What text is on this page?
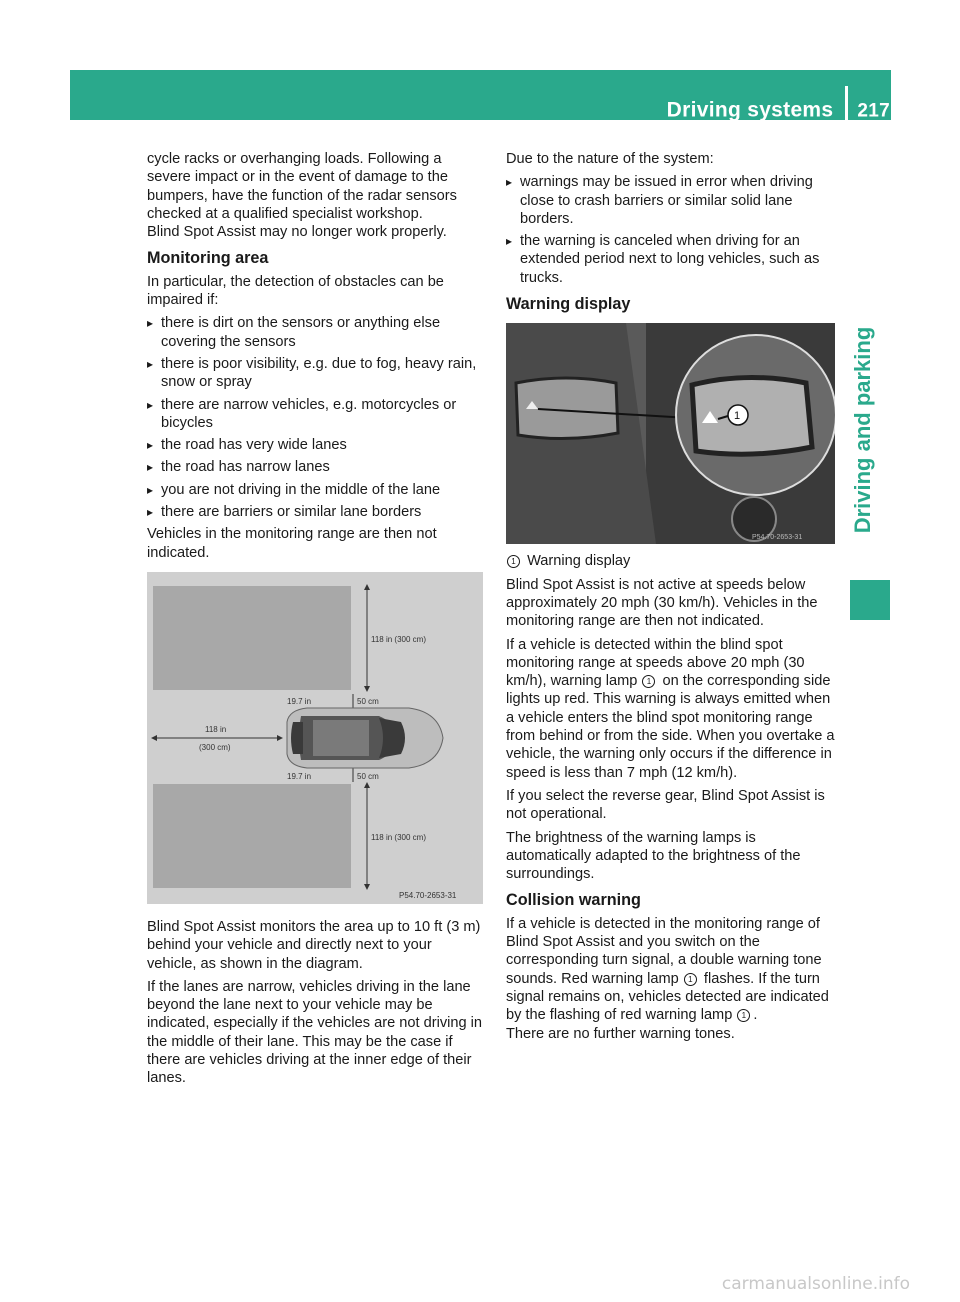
Driving systems 217
Driving and parking

cycle racks or overhanging loads. Following a severe impact or in the event of damage to the bumpers, have the function of the radar sensors checked at a qualified specialist workshop.

Blind Spot Assist may no longer work properly.

Monitoring area

In particular, the detection of obstacles can be impaired if:

▸ there is dirt on the sensors or anything else covering the sensors
▸ there is poor visibility, e.g. due to fog, heavy rain, snow or spray
▸ there are narrow vehicles, e.g. motorcycles or bicycles
▸ the road has very wide lanes
▸ the road has narrow lanes
▸ you are not driving in the middle of the lane
▸ there are barriers or similar lane borders

Vehicles in the monitoring range are then not indicated.

118 in (300 cm)
118 in (300 cm)
19.7 in	50 cm
19.7 in	50 cm
118 in
(300 cm)
P54.70-2653-31

Blind Spot Assist monitors the area up to 10 ft (3 m) behind your vehicle and directly next to your vehicle, as shown in the diagram.

If the lanes are narrow, vehicles driving in the lane beyond the lane next to your vehicle may be indicated, especially if the vehicles are not driving in the middle of their lane. This may be the case if there are vehicles driving at the inner edge of their lanes.

Due to the nature of the system:

▸ warnings may be issued in error when driving close to crash barriers or similar solid lane borders.
▸ the warning is canceled when driving for an extended period next to long vehicles, such as trucks.
Warning display
1
P54.70-2653-31

1 Warning display

Blind Spot Assist is not active at speeds below approximately 20 mph (30 km/h). Vehicles in the monitoring range are then not indicated.

If a vehicle is detected within the blind spot monitoring range at speeds above 20 mph (30 km/h), warning lamp 1 on the corresponding side lights up red. This warning is always emitted when a vehicle enters the blind spot monitoring range from behind or from the side. When you overtake a vehicle, the warning only occurs if the difference in speed is less than 7 mph (12 km/h).

If you select the reverse gear, Blind Spot Assist is not operational.

The brightness of the warning lamps is automatically adapted to the brightness of the surroundings.

Collision warning

If a vehicle is detected in the monitoring range of Blind Spot Assist and you switch on the corresponding turn signal, a double warning tone sounds. Red warning lamp 1 flashes. If the turn signal remains on, vehicles detected are indicated by the flashing of red warning lamp 1 .

There are no further warning tones.

carmanualsonline.info
